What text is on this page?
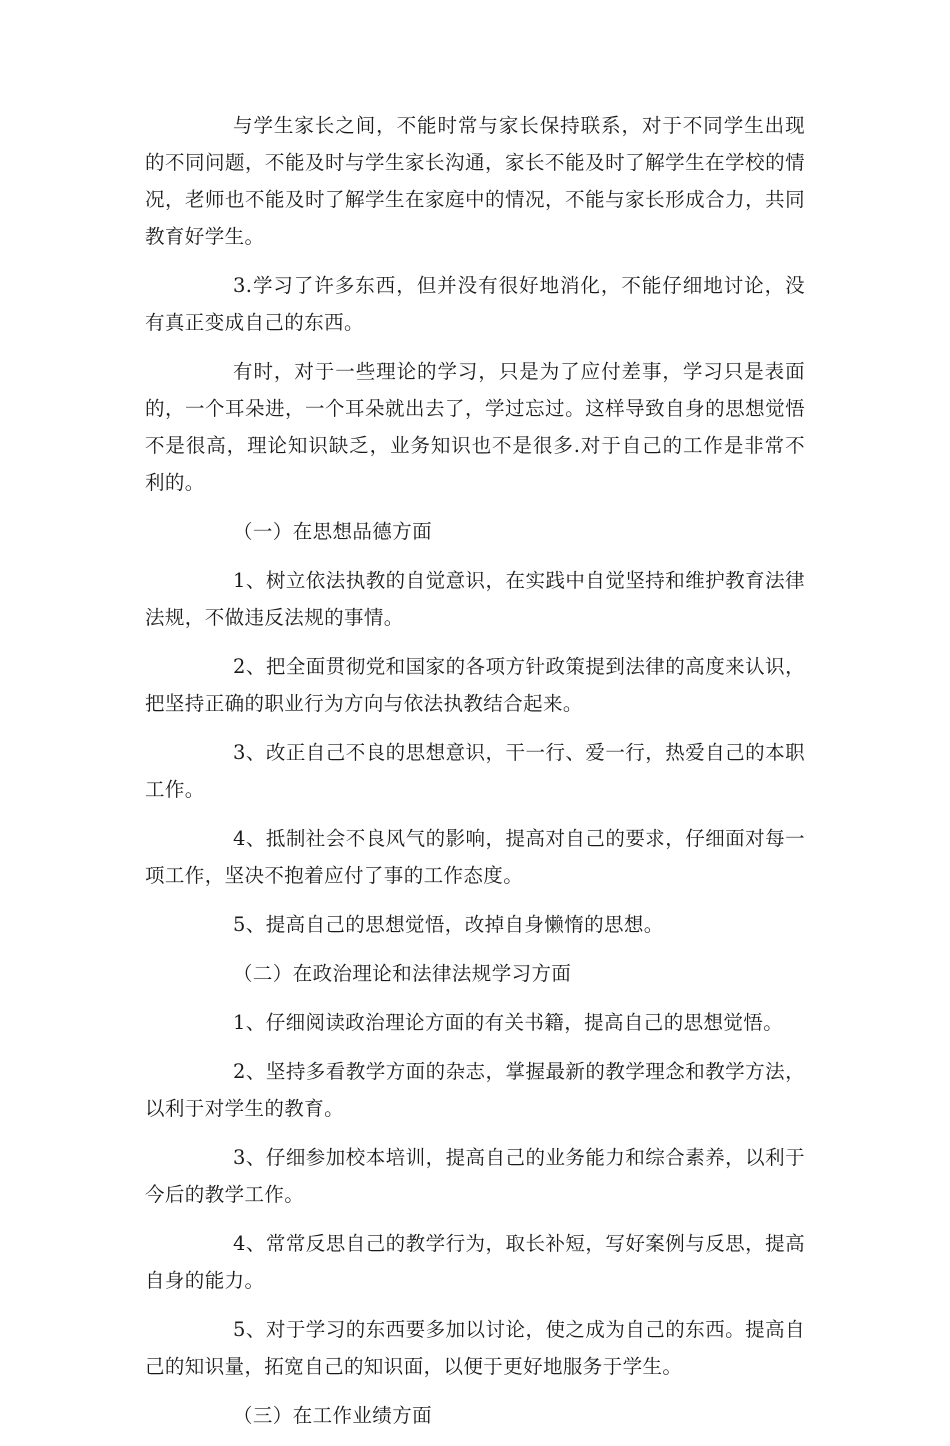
与学生家长之间，不能时常与家长保持联系，对于不同学生出现的不同问题，不能及时与学生家长沟通，家长不能及时了解学生在学校的情况，老师也不能及时了解学生在家庭中的情况，不能与家长形成合力，共同教育好学生。

3.学习了许多东西，但并没有很好地消化，不能仔细地讨论，没有真正变成自己的东西。

有时，对于一些理论的学习，只是为了应付差事，学习只是表面的，一个耳朵进，一个耳朵就出去了，学过忘过。这样导致自身的思想觉悟不是很高，理论知识缺乏，业务知识也不是很多.对于自己的工作是非常不利的。

（一）在思想品德方面

1、树立依法执教的自觉意识，在实践中自觉坚持和维护教育法律法规，不做违反法规的事情。

2、把全面贯彻党和国家的各项方针政策提到法律的高度来认识，把坚持正确的职业行为方向与依法执教结合起来。

3、改正自己不良的思想意识，干一行、爱一行，热爱自己的本职工作。

4、抵制社会不良风气的影响，提高对自己的要求，仔细面对每一项工作，坚决不抱着应付了事的工作态度。

5、提高自己的思想觉悟，改掉自身懒惰的思想。

（二）在政治理论和法律法规学习方面

1、仔细阅读政治理论方面的有关书籍，提高自己的思想觉悟。

2、坚持多看教学方面的杂志，掌握最新的教学理念和教学方法，以利于对学生的教育。

3、仔细参加校本培训，提高自己的业务能力和综合素养，以利于今后的教学工作。

4、常常反思自己的教学行为，取长补短，写好案例与反思，提高自身的能力。

5、对于学习的东西要多加以讨论，使之成为自己的东西。提高自己的知识量，拓宽自己的知识面，以便于更好地服务于学生。

（三）在工作业绩方面
